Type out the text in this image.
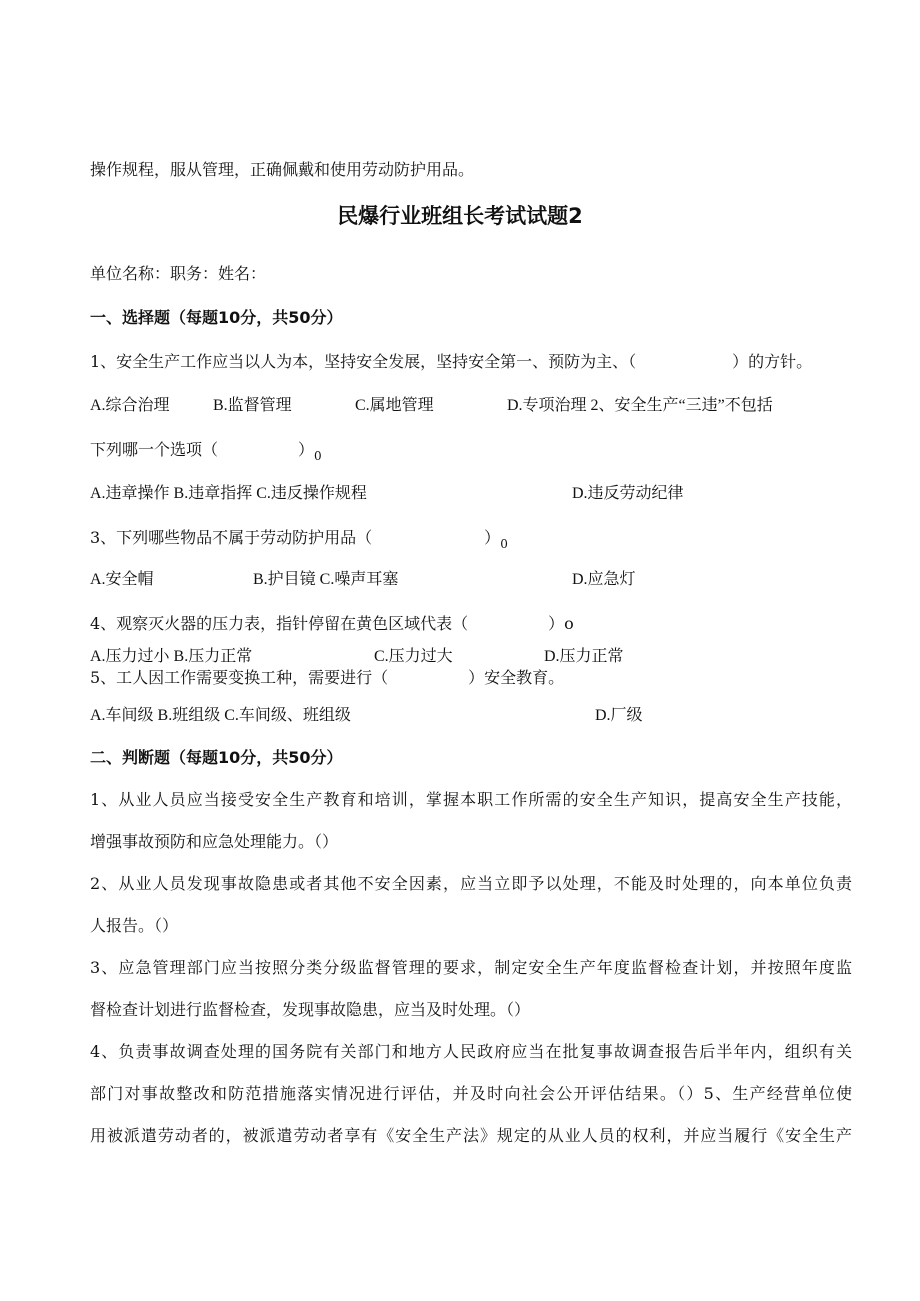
操作规程，服从管理，正确佩戴和使用劳动防护用品。

民爆行业班组长考试试题2

单位名称：职务：姓名：

一、选择题（每题10分，共50分）

1、安全生产工作应当以人为本，坚持安全发展，坚持安全第一、预防为主、（　　　　　　）的方针。

A.综合治理	B.监督管理	C.属地管理	D.专项治理 2、安全生产“三违”不包括

下列哪一个选项（　　　　　）$_0$

A.违章操作 B.违章指挥 C.违反操作规程	D.违反劳动纪律

3、下列哪些物品不属于劳动防护用品（　　　　　　　）$_0$

A.安全帽	B.护目镜 C.噪声耳塞	D.应急灯

4、观察灭火器的压力表，指针停留在黄色区域代表（　　　　　）o

A.压力过小 B.压力正常	C.压力过大	D.压力正常

5、工人因工作需要变换工种，需要进行（　　　　　）安全教育。

A.车间级 B.班组级 C.车间级、班组级	D.厂级

二、判断题（每题10分，共50分）

1、从业人员应当接受安全生产教育和培训，掌握本职工作所需的安全生产知识，提高安全生产技能，

增强事故预防和应急处理能力。（）

2、从业人员发现事故隐患或者其他不安全因素，应当立即予以处理，不能及时处理的，向本单位负责

人报告。（）

3、应急管理部门应当按照分类分级监督管理的要求，制定安全生产年度监督检查计划，并按照年度监

督检查计划进行监督检查，发现事故隐患，应当及时处理。（）

4、负责事故调查处理的国务院有关部门和地方人民政府应当在批复事故调查报告后半年内，组织有关

部门对事故整改和防范措施落实情况进行评估，并及时向社会公开评估结果。（）5、生产经营单位使

用被派遣劳动者的，被派遣劳动者享有《安全生产法》规定的从业人员的权利，并应当履行《安全生产
